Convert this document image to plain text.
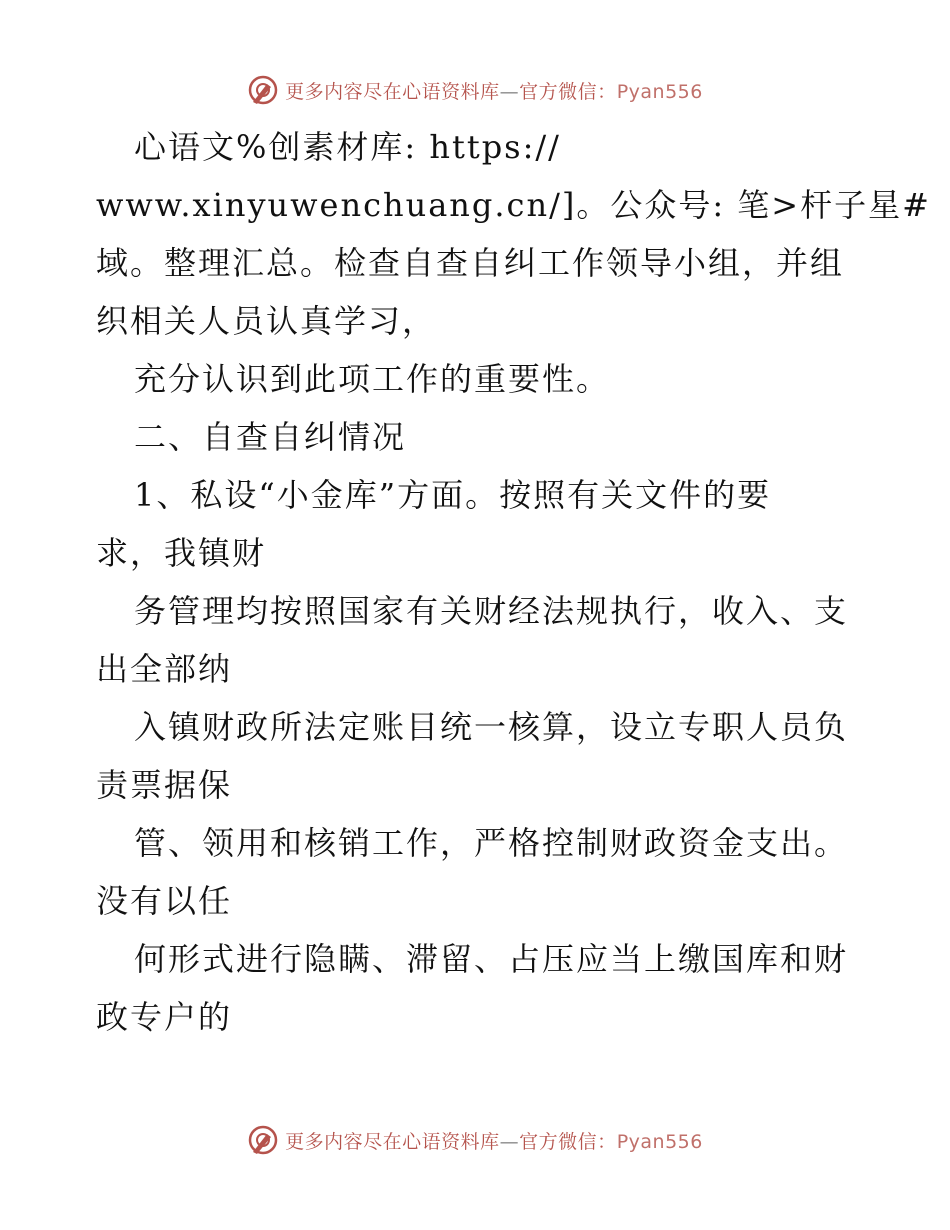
更多内容尽在心语资料库—官方微信：Pyan556
心语文%创素材库: https://
www.xinyuwenchuang.cn/]。公众号: 笔>杆子星#
域。整理汇总。检查自查自纠工作领导小组，并组
织相关人员认真学习，
充分认识到此项工作的重要性。
二、自查自纠情况
1、私设“小金库”方面。按照有关文件的要
求，我镇财
务管理均按照国家有关财经法规执行，收入、支
出全部纳
入镇财政所法定账目统一核算，设立专职人员负
责票据保
管、领用和核销工作，严格控制财政资金支出。
没有以任
何形式进行隐瞒、滞留、占压应当上缴国库和财
政专户的
更多内容尽在心语资料库—官方微信：Pyan556
